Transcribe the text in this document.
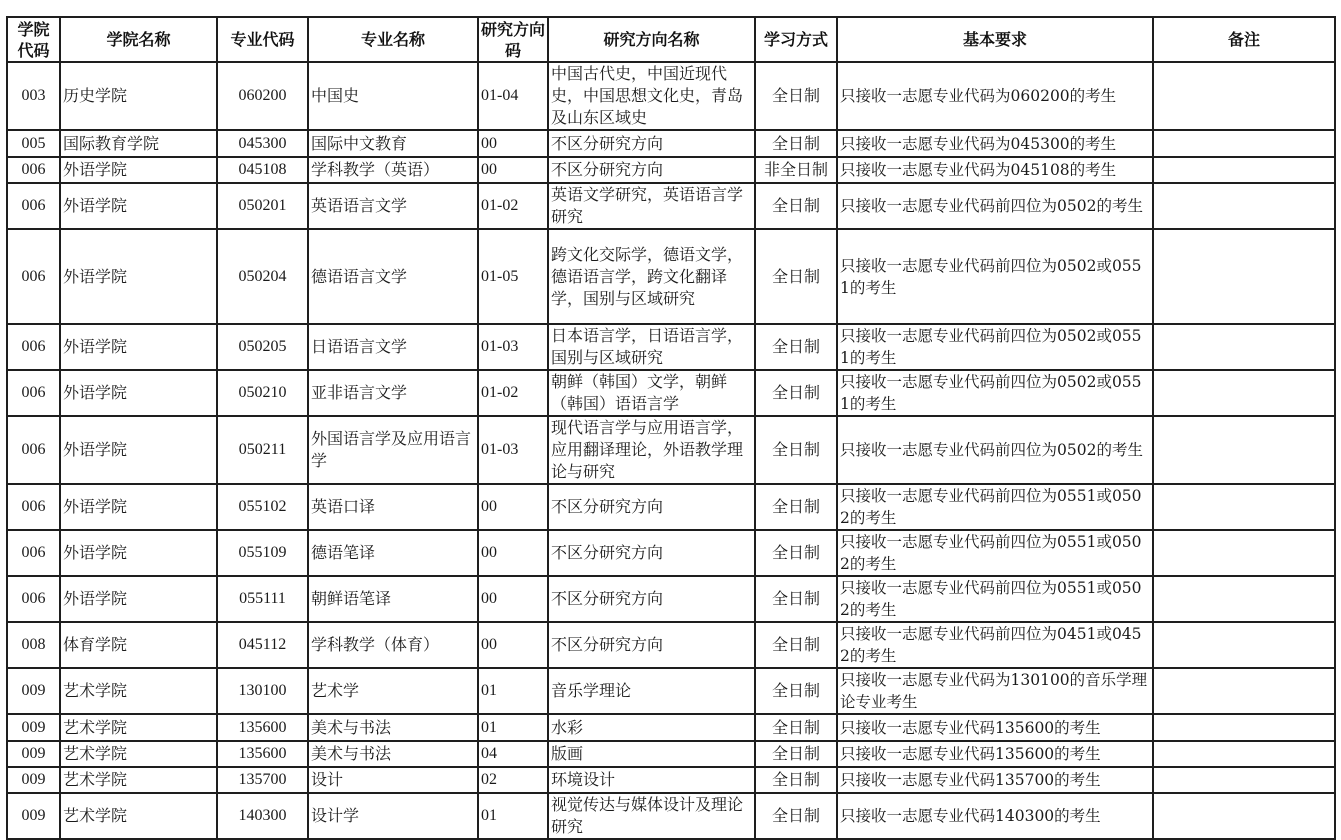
学院代码	学院名称	专业代码	专业名称	研究方向码	研究方向名称	学习方式	基本要求	备注
003	历史学院	060200	中国史	01-04	中国古代史，中国近现代史，中国思想文化史，青岛及山东区域史	全日制	只接收一志愿专业代码为060200的考生	
005	国际教育学院	045300	国际中文教育	00	不区分研究方向	全日制	只接收一志愿专业代码为045300的考生	
006	外语学院	045108	学科教学（英语）	00	不区分研究方向	非全日制	只接收一志愿专业代码为045108的考生	
006	外语学院	050201	英语语言文学	01-02	英语文学研究，英语语言学研究	全日制	只接收一志愿专业代码前四位为0502的考生	
006	外语学院	050204	德语语言文学	01-05	跨文化交际学，德语文学，德语语言学，跨文化翻译学，国别与区域研究	全日制	只接收一志愿专业代码前四位为0502或0551的考生	
006	外语学院	050205	日语语言文学	01-03	日本语言学，日语语言学，国别与区域研究	全日制	只接收一志愿专业代码前四位为0502或0551的考生	
006	外语学院	050210	亚非语言文学	01-02	朝鲜（韩国）文学，朝鲜（韩国）语语言学	全日制	只接收一志愿专业代码前四位为0502或0551的考生	
006	外语学院	050211	外国语言学及应用语言学	01-03	现代语言学与应用语言学，应用翻译理论，外语教学理论与研究	全日制	只接收一志愿专业代码前四位为0502的考生	
006	外语学院	055102	英语口译	00	不区分研究方向	全日制	只接收一志愿专业代码前四位为0551或0502的考生	
006	外语学院	055109	德语笔译	00	不区分研究方向	全日制	只接收一志愿专业代码前四位为0551或0502的考生	
006	外语学院	055111	朝鲜语笔译	00	不区分研究方向	全日制	只接收一志愿专业代码前四位为0551或0502的考生	
008	体育学院	045112	学科教学（体育）	00	不区分研究方向	全日制	只接收一志愿专业代码前四位为0451或0452的考生	
009	艺术学院	130100	艺术学	01	音乐学理论	全日制	只接收一志愿专业代码为130100的音乐学理论专业考生	
009	艺术学院	135600	美术与书法	01	水彩	全日制	只接收一志愿专业代码135600的考生	
009	艺术学院	135600	美术与书法	04	版画	全日制	只接收一志愿专业代码135600的考生	
009	艺术学院	135700	设计	02	环境设计	全日制	只接收一志愿专业代码135700的考生	
009	艺术学院	140300	设计学	01	视觉传达与媒体设计及理论研究	全日制	只接收一志愿专业代码140300的考生	
